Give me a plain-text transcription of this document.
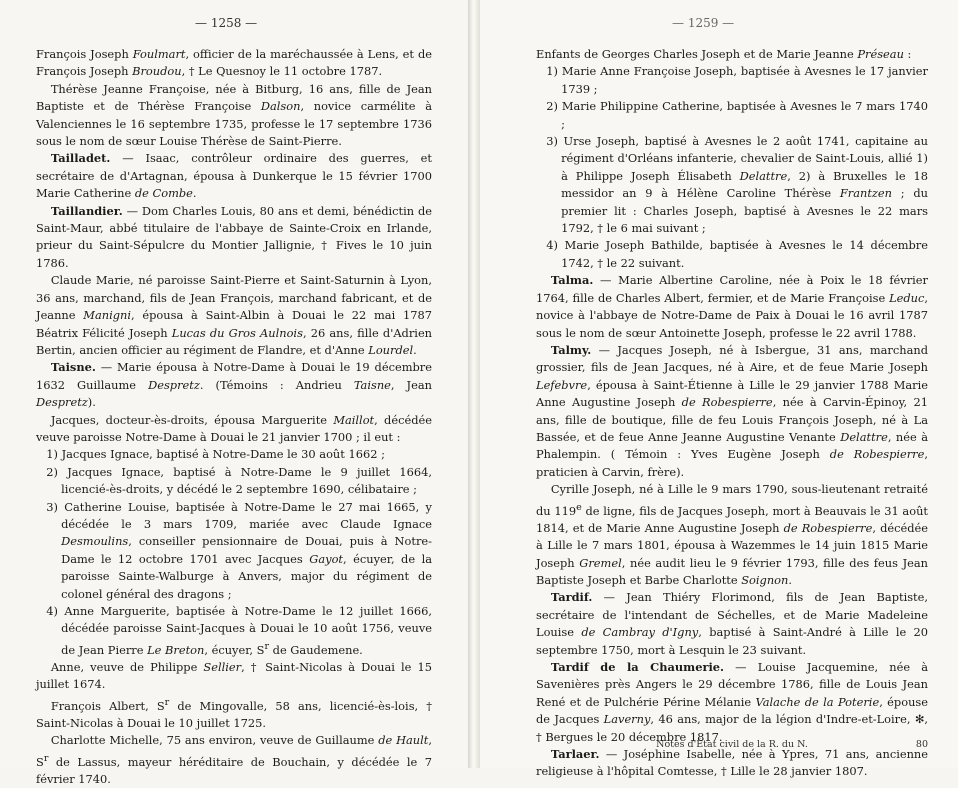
— 1258 —

François Joseph Foulmart, officier de la maréchaussée à Lens, et de François Joseph Broudou, † Le Quesnoy le 11 octobre 1787.

Thérèse Jeanne Françoise, née à Bitburg, 16 ans, fille de Jean Baptiste et de Thérèse Françoise Dalson, novice carmélite à Valenciennes le 16 septembre 1735, professe le 17 septembre 1736 sous le nom de sœur Louise Thérèse de Saint-Pierre.

Tailladet. — Isaac, contrôleur ordinaire des guerres, et secrétaire de d'Artagnan, épousa à Dunkerque le 15 février 1700 Marie Catherine de Combe.

Taillandier. — Dom Charles Louis, 80 ans et demi, bénédictin de Saint-Maur, abbé titulaire de l'abbaye de Sainte-Croix en Irlande, prieur du Saint-Sépulcre du Montier Jallignie, † Fives le 10 juin 1786.

Claude Marie, né paroisse Saint-Pierre et Saint-Saturnin à Lyon, 36 ans, marchand, fils de Jean François, marchand fabricant, et de Jeanne Manigni, épousa à Saint-Albin à Douai le 22 mai 1787 Béatrix Félicité Joseph Lucas du Gros Aulnois, 26 ans, fille d'Adrien Bertin, ancien officier au régiment de Flandre, et d'Anne Lourdel.

Taisne. — Marie épousa à Notre-Dame à Douai le 19 décembre 1632 Guillaume Despretz. (Témoins : Andrieu Taisne, Jean Despretz).

Jacques, docteur-ès-droits, épousa Marguerite Maillot, décédée veuve paroisse Notre-Dame à Douai le 21 janvier 1700 ; il eut :

1) Jacques Ignace, baptisé à Notre-Dame le 30 août 1662 ;

2) Jacques Ignace, baptisé à Notre-Dame le 9 juillet 1664, licencié-ès-droits, y décédé le 2 septembre 1690, célibataire ;

3) Catherine Louise, baptisée à Notre-Dame le 27 mai 1665, y décédée le 3 mars 1709, mariée avec Claude Ignace Desmoulins, conseiller pensionnaire de Douai, puis à Notre-Dame le 12 octobre 1701 avec Jacques Gayot, écuyer, de la paroisse Sainte-Walburge à Anvers, major du régiment de colonel général des dragons ;

4) Anne Marguerite, baptisée à Notre-Dame le 12 juillet 1666, décédée paroisse Saint-Jacques à Douai le 10 août 1756, veuve de Jean Pierre Le Breton, écuyer, $S^r$ de Gaudemene.

Anne, veuve de Philippe Sellier, † Saint-Nicolas à Douai le 15 juillet 1674.

François Albert, $S^r$ de Mingovalle, 58 ans, licencié-ès-lois, † Saint-Nicolas à Douai le 10 juillet 1725.

Charlotte Michelle, 75 ans environ, veuve de Guillaume de Hault, $S^r$ de Lassus, mayeur héréditaire de Bouchain, y décédée le 7 février 1740.

— 1259 —

Enfants de Georges Charles Joseph et de Marie Jeanne Préseau :

1) Marie Anne Françoise Joseph, baptisée à Avesnes le 17 janvier 1739 ;

2) Marie Philippine Catherine, baptisée à Avesnes le 7 mars 1740 ;

3) Urse Joseph, baptisé à Avesnes le 2 août 1741, capitaine au régiment d'Orléans infanterie, chevalier de Saint-Louis, allié 1) à Philippe Joseph Élisabeth Delattre, 2) à Bruxelles le 18 messidor an 9 à Hélène Caroline Thérèse Frantzen ; du premier lit : Charles Joseph, baptisé à Avesnes le 22 mars 1792, † le 6 mai suivant ;

4) Marie Joseph Bathilde, baptisée à Avesnes le 14 décembre 1742, † le 22 suivant.

Talma. — Marie Albertine Caroline, née à Poix le 18 février 1764, fille de Charles Albert, fermier, et de Marie Françoise Leduc, novice à l'abbaye de Notre-Dame de Paix à Douai le 16 avril 1787 sous le nom de sœur Antoinette Joseph, professe le 22 avril 1788.

Talmy. — Jacques Joseph, né à Isbergue, 31 ans, marchand grossier, fils de Jean Jacques, né à Aire, et de feue Marie Joseph Lefebvre, épousa à Saint-Étienne à Lille le 29 janvier 1788 Marie Anne Augustine Joseph de Robespierre, née à Carvin-Épinoy, 21 ans, fille de boutique, fille de feu Louis François Joseph, né à La Bassée, et de feue Anne Jeanne Augustine Venante Delattre, née à Phalempin. ( Témoin : Yves Eugène Joseph de Robespierre, praticien à Carvin, frère).

Cyrille Joseph, né à Lille le 9 mars 1790, sous-lieutenant retraité du 119e de ligne, fils de Jacques Joseph, mort à Beauvais le 31 août 1814, et de Marie Anne Augustine Joseph de Robespierre, décédée à Lille le 7 mars 1801, épousa à Wazemmes le 14 juin 1815 Marie Joseph Gremel, née audit lieu le 9 février 1793, fille des feus Jean Baptiste Joseph et Barbe Charlotte Soignon.

Tardif. — Jean Thiéry Florimond, fils de Jean Baptiste, secrétaire de l'intendant de Séchelles, et de Marie Madeleine Louise de Cambray d'Igny, baptisé à Saint-André à Lille le 20 septembre 1750, mort à Lesquin le 23 suivant.

Tardif de la Chaumerie. — Louise Jacquemine, née à Savenières près Angers le 29 décembre 1786, fille de Louis Jean René et de Pulchérie Périne Mélanie Valache de la Poterie, épouse de Jacques Laverny, 46 ans, major de la légion d'Indre-et-Loire, ✻, † Bergues le 20 décembre 1817.

Tarlaer. — Joséphine Isabelle, née à Ypres, 71 ans, ancienne religieuse à l'hôpital Comtesse, † Lille le 28 janvier 1807.

Notes d'État civil de la R. du N.	80
